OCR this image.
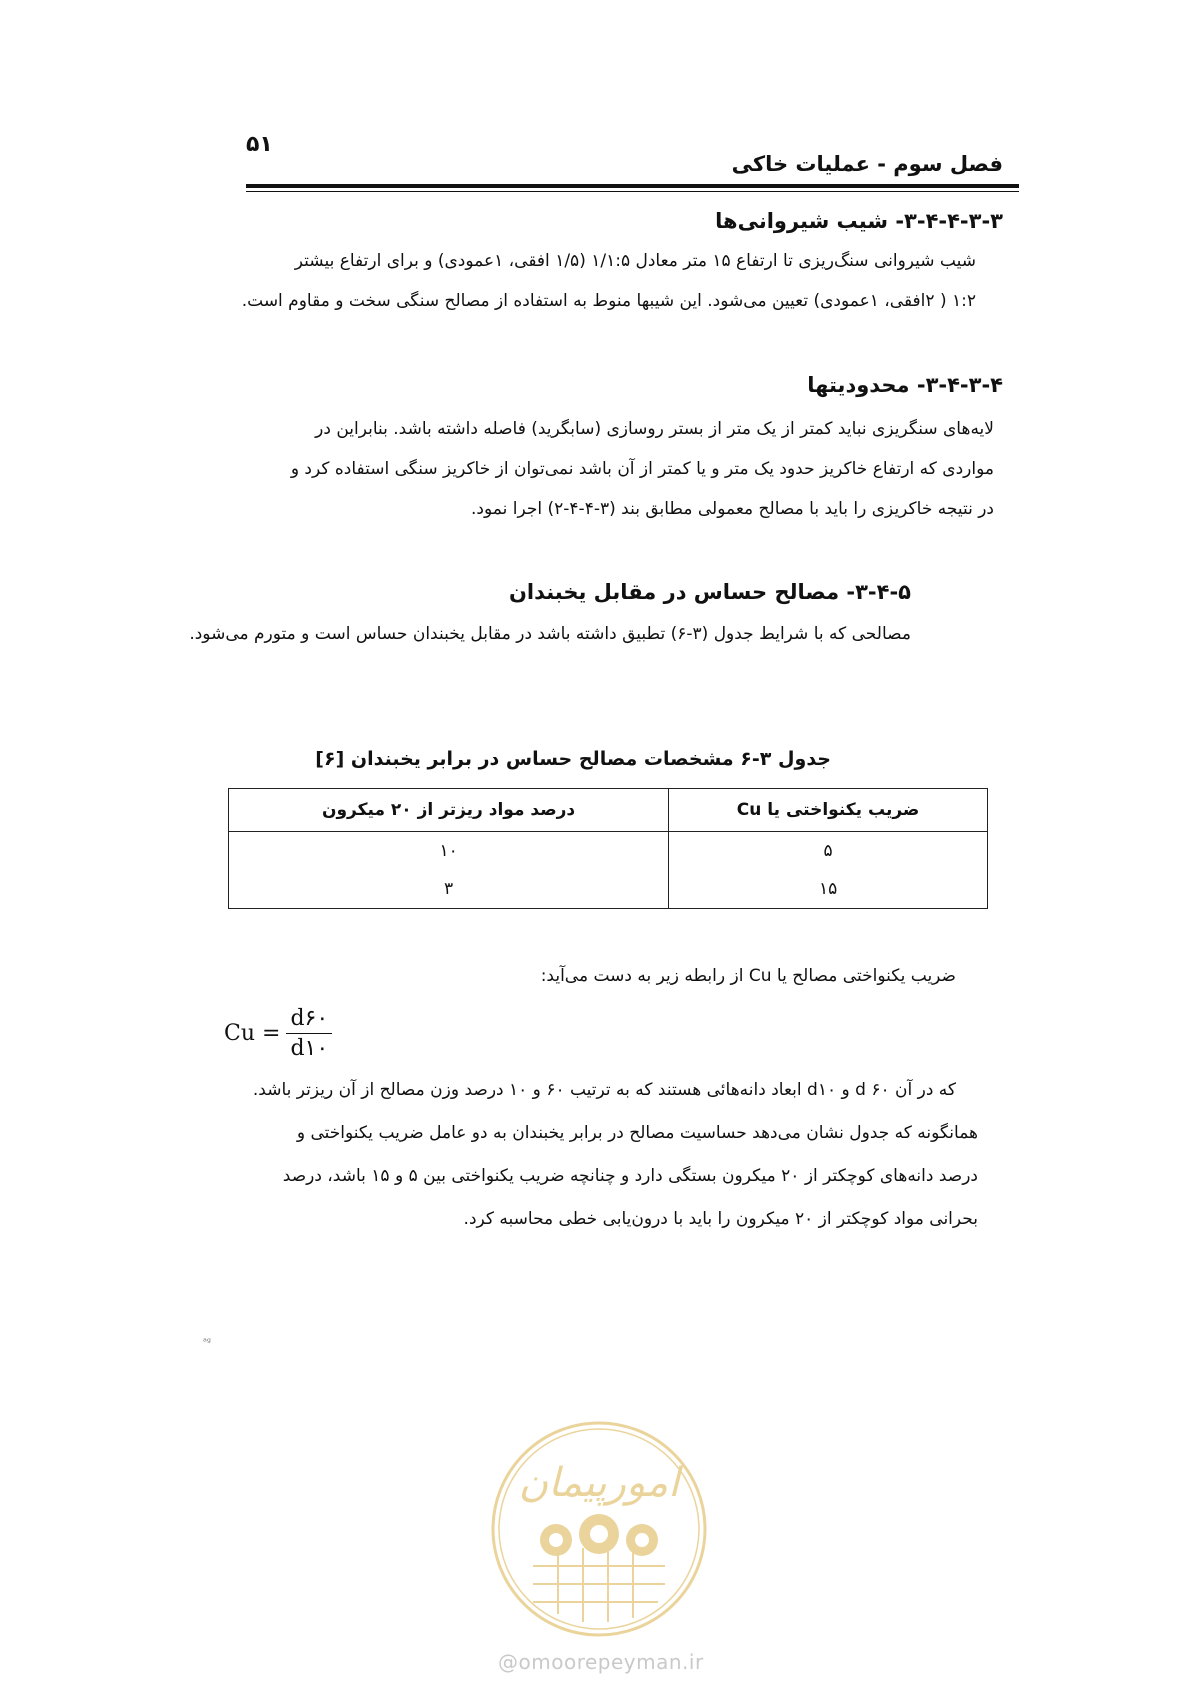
۵۱
فصل سوم - عملیات خاکی
۳-۴-۴-۳-۳- شیب شیروانی‌ها
شیب شیروانی سنگ‌ریزی تا ارتفاع ۱۵ متر معادل ۱/۱:۵ (۱/۵ افقی، ۱عمودی) و برای ارتفاع بیشتر
۱:۲ ( ۲افقی، ۱عمودی) تعیین می‌شود. این شیبها منوط به استفاده از مصالح سنگی سخت و مقاوم است.
۳-۴-۳-۴- محدودیتها
لایه‌های سنگریزی نباید کمتر از یک متر از بستر روسازی (سابگرید) فاصله داشته باشد. بنابراین در
مواردی که ارتفاع خاکریز حدود یک متر و یا کمتر از آن باشد نمی‌توان از خاکریز سنگی استفاده کرد و
در نتیجه خاکریزی را باید با مصالح معمولی مطابق بند (۳-۴-۴-۲) اجرا نمود.
۳-۴-۵- مصالح حساس در مقابل یخبندان
مصالحی که با شرایط جدول (۳-۶) تطبیق داشته باشد در مقابل یخبندان حساس است و متورم می‌شود.
جدول ۳-۶ مشخصات مصالح حساس در برابر یخبندان [۶]
ضریب یکنواختی یا Cu	درصد مواد ریزتر از ۲۰ میکرون
۵	۱۰
۱۵	۳
ضریب یکنواختی مصالح یا Cu از رابطه زیر به دست می‌آید:
$Cu = \frac{d۶۰}{d۱۰}$
که در آن d ۶۰ و d۱۰ ابعاد دانه‌هائی هستند که به ترتیب ۶۰ و ۱۰ درصد وزن مصالح از آن ریزتر باشد.
همانگونه که جدول نشان می‌دهد حساسیت مصالح در برابر یخبندان به دو عامل ضریب یکنواختی و
درصد دانه‌های کوچکتر از ۲۰ میکرون بستگی دارد و چنانچه ضریب یکنواختی بین ۵ و ۱۵ باشد، درصد
بحرانی مواد کوچکتر از ۲۰ میکرون را باید با درون‌یابی خطی محاسبه کرد.
ᵃᵍ
امورپیمان
@omoorepeyman.ir
